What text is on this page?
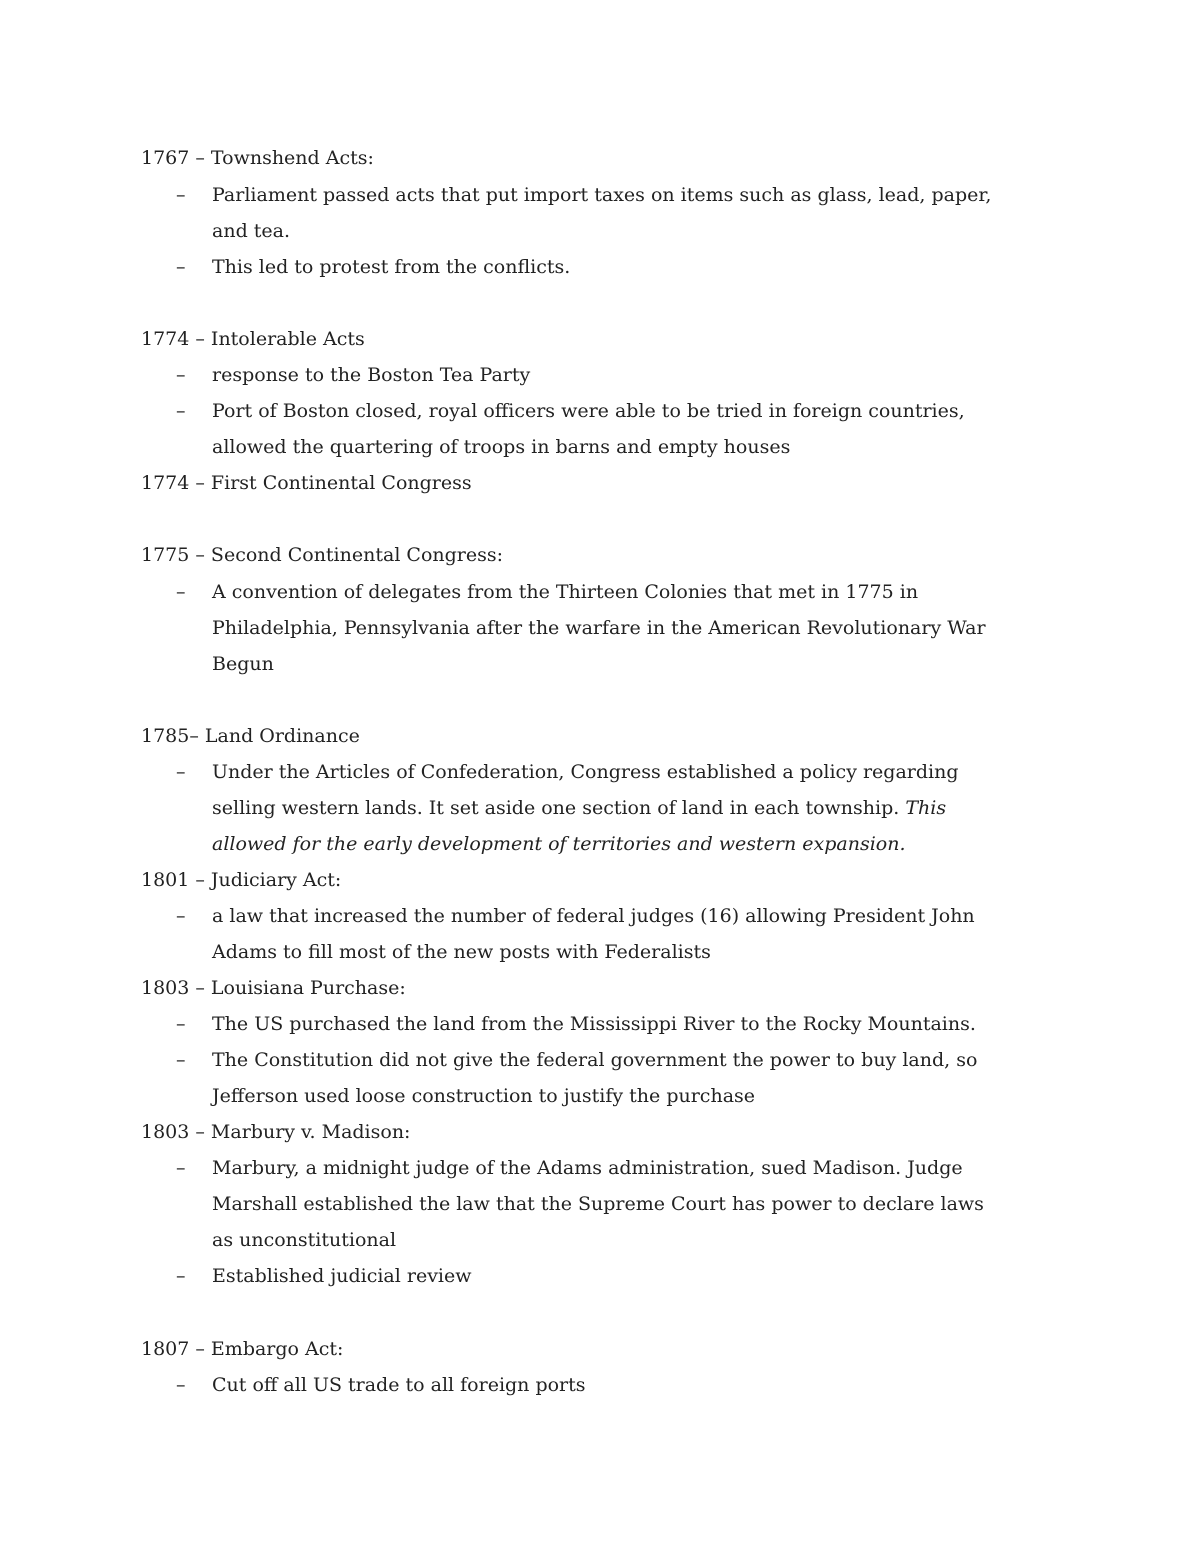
1767 – Townshend Acts:

– Parliament passed acts that put import taxes on items such as glass, lead, paper,
and tea.
– This led to protest from the conflicts.

1774 – Intolerable Acts

– response to the Boston Tea Party
– Port of Boston closed, royal officers were able to be tried in foreign countries,
allowed the quartering of troops in barns and empty houses

1774 – First Continental Congress

1775 – Second Continental Congress:

– A convention of delegates from the Thirteen Colonies that met in 1775 in
Philadelphia, Pennsylvania after the warfare in the American Revolutionary War
Begun

1785– Land Ordinance

– Under the Articles of Confederation, Congress established a policy regarding
selling western lands. It set aside one section of land in each township. This
allowed for the early development of territories and western expansion.

1801 – Judiciary Act:

– a law that increased the number of federal judges (16) allowing President John
Adams to fill most of the new posts with Federalists

1803 – Louisiana Purchase:

– The US purchased the land from the Mississippi River to the Rocky Mountains.
– The Constitution did not give the federal government the power to buy land, so
Jefferson used loose construction to justify the purchase

1803 – Marbury v. Madison:

– Marbury, a midnight judge of the Adams administration, sued Madison. Judge
Marshall established the law that the Supreme Court has power to declare laws
as unconstitutional
– Established judicial review

1807 – Embargo Act:

– Cut off all US trade to all foreign ports
